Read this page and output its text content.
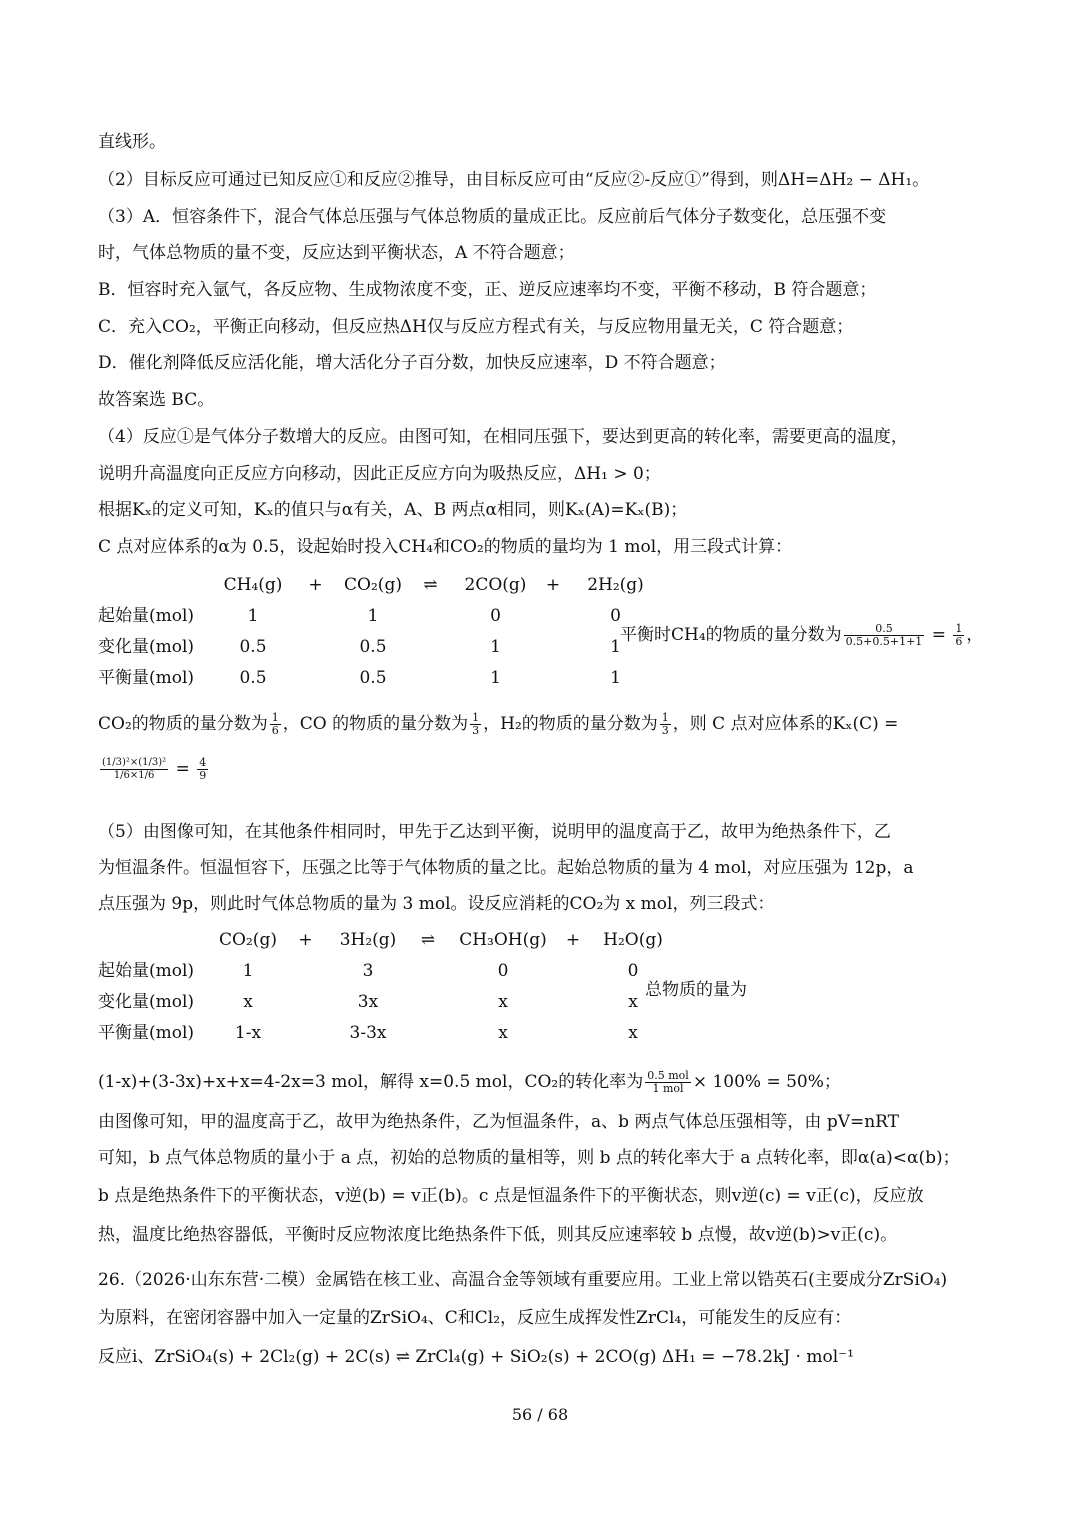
直线形。
（2）目标反应可通过已知反应①和反应②推导，由目标反应可由“反应②-反应①”得到，则ΔH=ΔH₂ − ΔH₁。
（3）A．恒容条件下，混合气体总压强与气体总物质的量成正比。反应前后气体分子数变化，总压强不变
时，气体总物质的量不变，反应达到平衡状态，A 不符合题意；
B．恒容时充入氩气，各反应物、生成物浓度不变，正、逆反应速率均不变，平衡不移动，B 符合题意；
C．充入CO₂，平衡正向移动，但反应热ΔH仅与反应方程式有关，与反应物用量无关，C 符合题意；
D．催化剂降低反应活化能，增大活化分子百分数，加快反应速率，D 不符合题意；
故答案选 BC。
（4）反应①是气体分子数增大的反应。由图可知，在相同压强下，要达到更高的转化率，需要更高的温度，
说明升高温度向正反应方向移动，因此正反应方向为吸热反应，ΔH₁ > 0；
根据Kₓ的定义可知，Kₓ的值只与α有关，A、B 两点α相同，则Kₓ(A)=Kₓ(B)；
C 点对应体系的α为 0.5，设起始时投入CH₄和CO₂的物质的量均为 1 mol，用三段式计算：
	CH₄(g)	+	CO₂(g)	⇌	2CO(g)	+	2H₂(g)
起始量(mol)	1		1		0		0
变化量(mol)	0.5		0.5		1		1
平衡量(mol)	0.5		0.5		1		1
平衡时CH₄的物质的量分数为 $\frac{0.5}{0.5+0.5+1+1} = \frac{1}{6}$ ，
CO₂的物质的量分数为 $\frac{1}{6}$ ，CO 的物质的量分数为 $\frac{1}{3}$ ，H₂的物质的量分数为 $\frac{1}{3}$ ，则 C 点对应体系的Kₓ(C) =
$\frac{\text{(1/3)²×(1/3)²}}{1/6\times 1/6} = \frac{4}{9}$
（5）由图像可知，在其他条件相同时，甲先于乙达到平衡，说明甲的温度高于乙，故甲为绝热条件下，乙
为恒温条件。恒温恒容下，压强之比等于气体物质的量之比。起始总物质的量为 4 mol，对应压强为 12p，a
点压强为 9p，则此时气体总物质的量为 3 mol。设反应消耗的CO₂为 x mol，列三段式：
	CO₂(g)	+	3H₂(g)	⇌	CH₃OH(g)	+	H₂O(g)
起始量(mol)	1		3		0		0
变化量(mol)	x		3x		x		x
平衡量(mol)	1-x		3-3x		x		x
总物质的量为
(1-x)+(3-3x)+x+x=4-2x=3 mol，解得 x=0.5 mol，CO₂的转化率为 $\frac{\text{0.5 mol}}{\text{1 mol}} \times 100\% = 50\%$；
由图像可知，甲的温度高于乙，故甲为绝热条件，乙为恒温条件，a、b 两点气体总压强相等，由 pV=nRT
可知，b 点气体总物质的量小于 a 点，初始的总物质的量相等，则 b 点的转化率大于 a 点转化率，即α(a)<α(b)；
b 点是绝热条件下的平衡状态，v逆(b) = v正(b)。c 点是恒温条件下的平衡状态，则v逆(c) = v正(c)，反应放
热，温度比绝热容器低，平衡时反应物浓度比绝热条件下低，则其反应速率较 b 点慢，故v逆(b)>v正(c)。
26.（2026·山东东营·二模）金属锆在核工业、高温合金等领域有重要应用。工业上常以锆英石(主要成分ZrSiO₄)
为原料，在密闭容器中加入一定量的ZrSiO₄、C和Cl₂，反应生成挥发性ZrCl₄，可能发生的反应有：
反应i、ZrSiO₄(s) + 2Cl₂(g) + 2C(s) ⇌ ZrCl₄(g) + SiO₂(s) + 2CO(g) ΔH₁ = −78.2kJ · mol⁻¹
56 / 68
